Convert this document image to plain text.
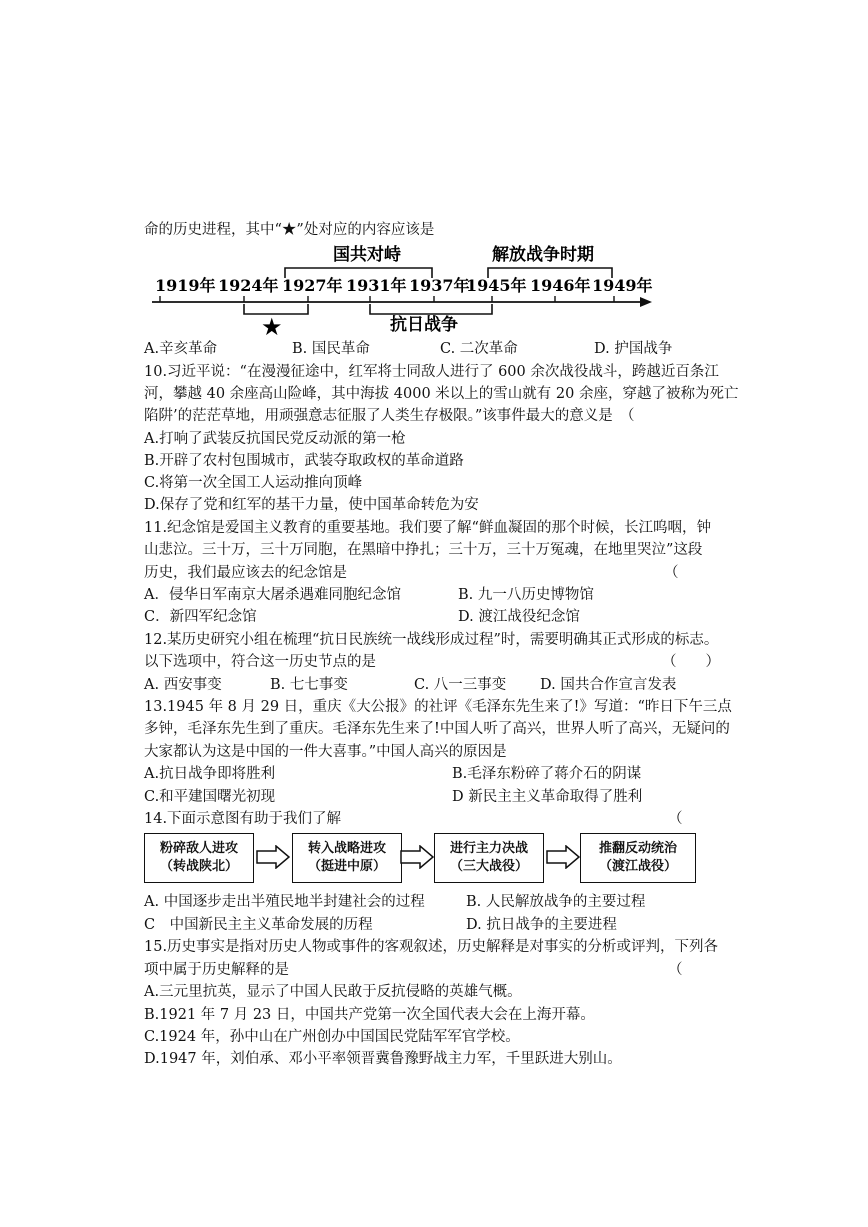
命的历史进程，其中“★”处对应的内容应该是
国共对峙	解放战争时期
1919年 1924年 1927年 1931年 1937年
1945年 1946年 1949年
★	抗日战争
A.辛亥革命	B. 国民革命	C. 二次革命	D. 护国战争
10.习近平说：“在漫漫征途中，红军将士同敌人进行了 600 余次战役战斗，跨越近百条江
河，攀越 40 余座高山险峰，其中海拔 4000 米以上的雪山就有 20 余座，穿越了被称为死亡
陷阱’的茫茫草地，用顽强意志征服了人类生存极限。”该事件最大的意义是　（
A.打响了武装反抗国民党反动派的第一枪
B.开辟了农村包围城市，武装夺取政权的革命道路
C.将第一次全国工人运动推向顶峰
D.保存了党和红军的基干力量，使中国革命转危为安
11.纪念馆是爱国主义教育的重要基地。我们要了解“鲜血凝固的那个时候，长江呜咽，钟
山悲泣。三十万，三十万同胞，在黑暗中挣扎；三十万，三十万冤魂，在地里哭泣”这段
历史，我们最应该去的纪念馆是	（
A．侵华日军南京大屠杀遇难同胞纪念馆	B. 九一八历史博物馆
C．新四军纪念馆	D. 渡江战役纪念馆
12.某历史研究小组在梳理“抗日民族统一战线形成过程”时，需要明确其正式形成的标志。
以下选项中，符合这一历史节点的是	（　　）
A. 西安事变	B. 七七事变	C. 八一三事变 D. 国共合作宣言发表
13.1945 年 8 月 29 日，重庆《大公报》的社评《毛泽东先生来了!》写道：“昨日下午三点
多钟，毛泽东先生到了重庆。毛泽东先生来了!中国人听了高兴，世界人听了高兴，无疑问的
大家都认为这是中国的一件大喜事。”中国人高兴的原因是
A.抗日战争即将胜利	B.毛泽东粉碎了蒋介石的阴谋
C.和平建国曙光初现	D 新民主主义革命取得了胜利
14.下面示意图有助于我们了解	（
粉碎敌人进攻
（转战陕北）
转入战略进攻
（挺进中原）
进行主力决战
（三大战役）
推翻反动统治
（渡江战役）
A. 中国逐步走出半殖民地半封建社会的过程	B. 人民解放战争的主要过程
C　中国新民主主义革命发展的历程	D. 抗日战争的主要进程
15.历史事实是指对历史人物或事件的客观叙述，历史解释是对事实的分析或评判，下列各
项中属于历史解释的是	（
A.三元里抗英，显示了中国人民敢于反抗侵略的英雄气概。
B.1921 年 7 月 23 日，中国共产党第一次全国代表大会在上海开幕。
C.1924 年，孙中山在广州创办中国国民党陆军军官学校。
D.1947 年，刘伯承、邓小平率领晋冀鲁豫野战主力军，千里跃进大别山。
